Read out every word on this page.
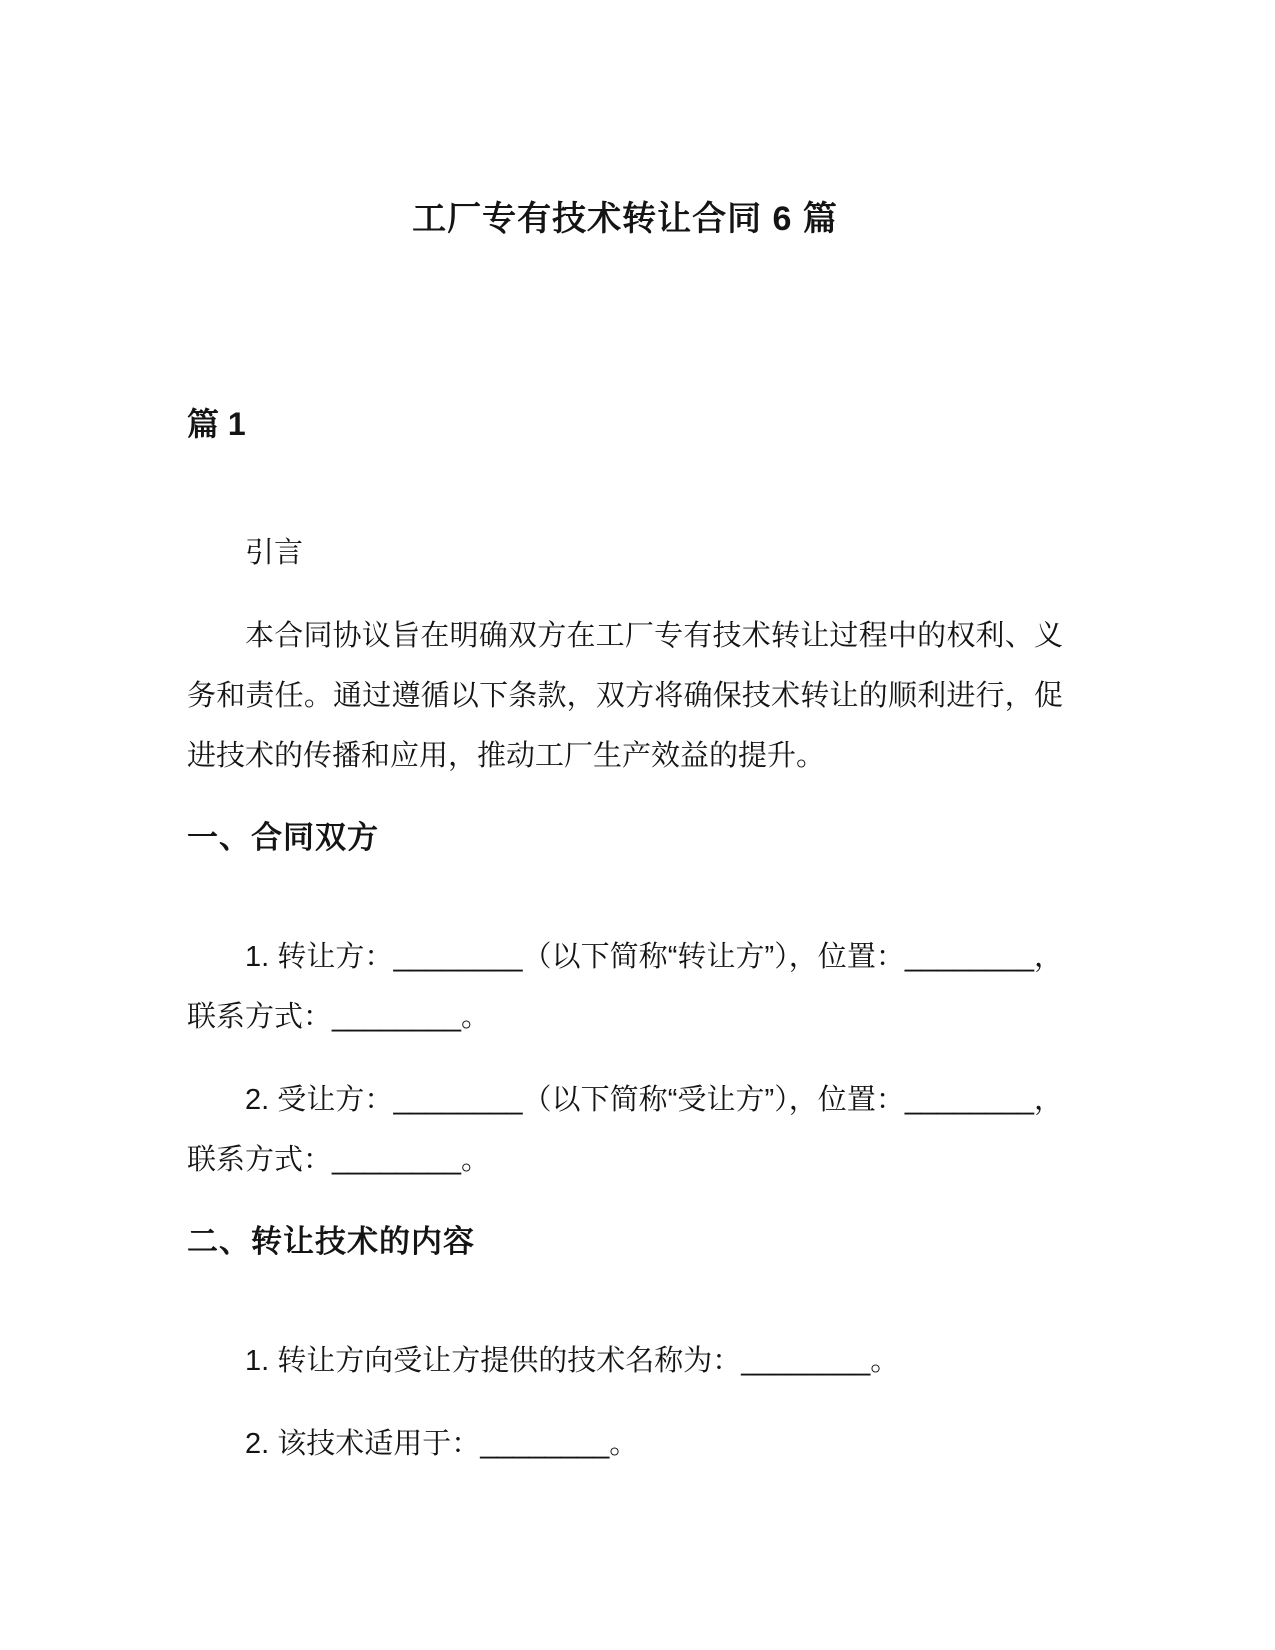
工厂专有技术转让合同 6 篇
篇 1

引言

本合同协议旨在明确双方在工厂专有技术转让过程中的权利、义务和责任。通过遵循以下条款，双方将确保技术转让的顺利进行，促进技术的传播和应用，推动工厂生产效益的提升。

一、合同双方

1. 转让方：________（以下简称“转让方”），位置：________，联系方式：________。

2. 受让方：________（以下简称“受让方”），位置：________，联系方式：________。

二、转让技术的内容

1. 转让方向受让方提供的技术名称为：________。

2. 该技术适用于：________。
